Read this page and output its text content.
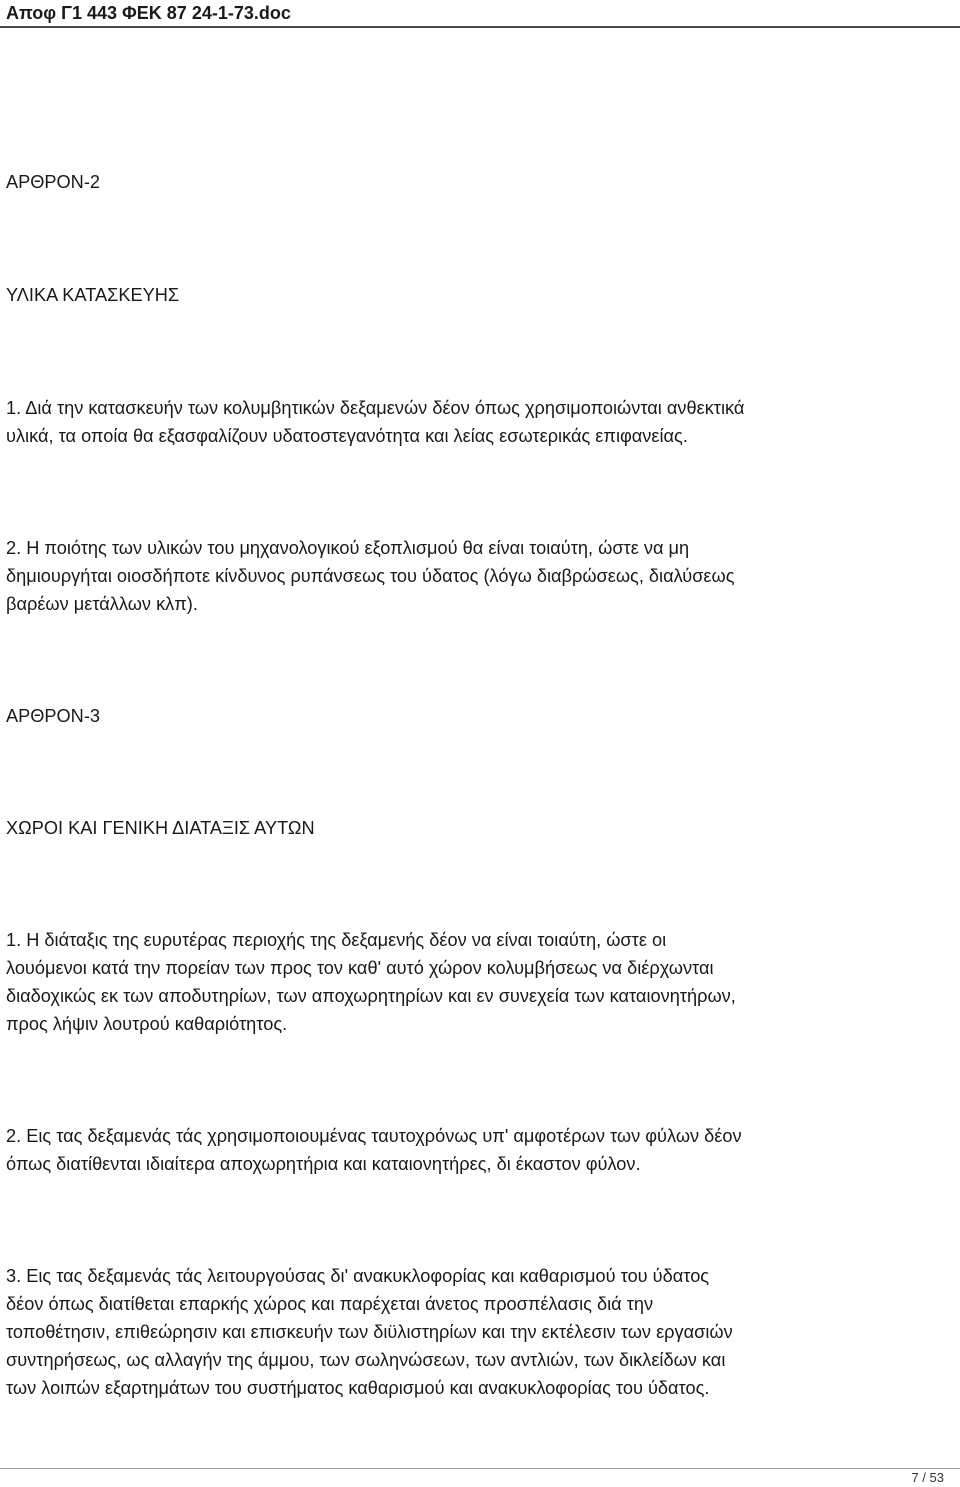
Αποφ Γ1 443 ΦΕΚ 87 24-1-73.doc
ΑΡΘΡΟΝ-2
ΥΛΙΚΑ ΚΑΤΑΣΚΕΥΗΣ
1. Διά την κατασκευήν των κολυμβητικών δεξαμενών δέον όπως χρησιμοποιώνται ανθεκτικά
υλικά, τα οποία θα εξασφαλίζουν υδατοστεγανότητα και λείας εσωτερικάς επιφανείας.
2. Η ποιότης των υλικών του μηχανολογικού εξοπλισμού θα είναι τοιαύτη, ώστε να μη
δημιουργήται οιοσδήποτε κίνδυνος ρυπάνσεως του ύδατος (λόγω διαβρώσεως, διαλύσεως
βαρέων μετάλλων κλπ).
ΑΡΘΡΟΝ-3
ΧΩΡΟΙ ΚΑΙ ΓΕΝΙΚΗ ΔΙΑΤΑΞΙΣ ΑΥΤΩΝ
1. Η διάταξις της ευρυτέρας περιοχής της δεξαμενής δέον να είναι τοιαύτη, ώστε οι
λουόμενοι κατά την πορείαν των προς τον καθ' αυτό χώρον κολυμβήσεως να διέρχωνται
διαδοχικώς εκ των αποδυτηρίων, των αποχωρητηρίων και εν συνεχεία των καταιονητήρων,
προς λήψιν λουτρού καθαριότητος.
2. Εις τας δεξαμενάς τάς χρησιμοποιουμένας ταυτοχρόνως υπ' αμφοτέρων των φύλων δέον
όπως διατίθενται ιδιαίτερα αποχωρητήρια και καταιονητήρες, δι έκαστον φύλον.
3. Εις τας δεξαμενάς τάς λειτουργούσας δι' ανακυκλοφορίας και καθαρισμού του ύδατος
δέον όπως διατίθεται επαρκής χώρος και παρέχεται άνετος προσπέλασις διά την
τοποθέτησιν, επιθεώρησιν και επισκευήν των διϋλιστηρίων και την εκτέλεσιν των εργασιών
συντηρήσεως, ως αλλαγήν της άμμου, των σωληνώσεων, των αντλιών, των δικλείδων και
των λοιπών εξαρτημάτων του συστήματος καθαρισμού και ανακυκλοφορίας του ύδατος.
7 / 53
